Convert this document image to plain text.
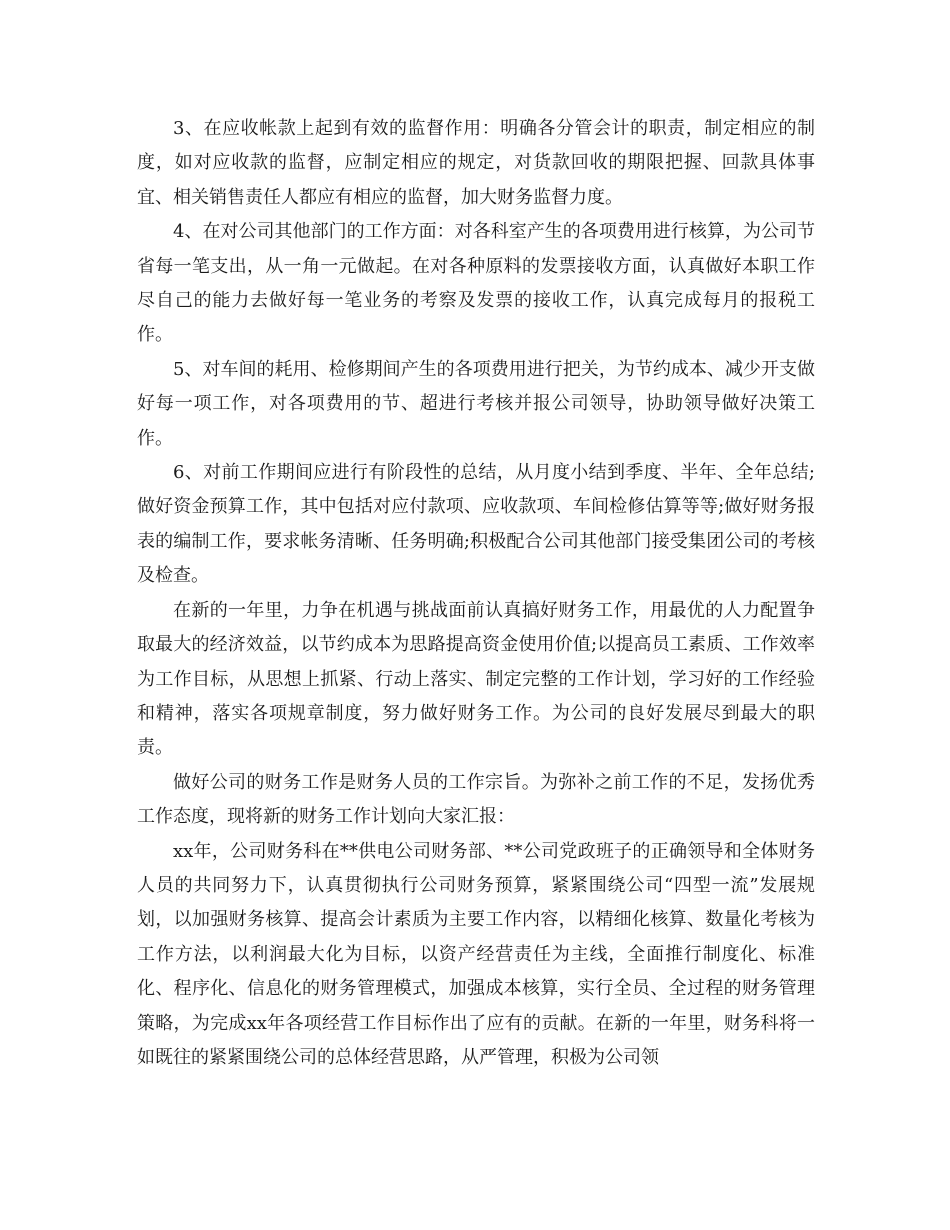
3、在应收帐款上起到有效的监督作用：明确各分管会计的职责，制定相应的制度，如对应收款的监督，应制定相应的规定，对货款回收的期限把握、回款具体事宜、相关销售责任人都应有相应的监督，加大财务监督力度。

4、在对公司其他部门的工作方面：对各科室产生的各项费用进行核算，为公司节省每一笔支出，从一角一元做起。在对各种原料的发票接收方面，认真做好本职工作尽自己的能力去做好每一笔业务的考察及发票的接收工作，认真完成每月的报税工作。

5、对车间的耗用、检修期间产生的各项费用进行把关，为节约成本、减少开支做好每一项工作，对各项费用的节、超进行考核并报公司领导，协助领导做好决策工作。

6、对前工作期间应进行有阶段性的总结，从月度小结到季度、半年、全年总结;做好资金预算工作，其中包括对应付款项、应收款项、车间检修估算等等;做好财务报表的编制工作，要求帐务清晰、任务明确;积极配合公司其他部门接受集团公司的考核及检查。

在新的一年里，力争在机遇与挑战面前认真搞好财务工作，用最优的人力配置争取最大的经济效益，以节约成本为思路提高资金使用价值;以提高员工素质、工作效率为工作目标，从思想上抓紧、行动上落实、制定完整的工作计划，学习好的工作经验和精神，落实各项规章制度，努力做好财务工作。为公司的良好发展尽到最大的职责。

做好公司的财务工作是财务人员的工作宗旨。为弥补之前工作的不足，发扬优秀工作态度，现将新的财务工作计划向大家汇报：

xx年，公司财务科在**供电公司财务部、**公司党政班子的正确领导和全体财务人员的共同努力下，认真贯彻执行公司财务预算，紧紧围绕公司“四型一流”发展规划，以加强财务核算、提高会计素质为主要工作内容，以精细化核算、数量化考核为工作方法，以利润最大化为目标，以资产经营责任为主线，全面推行制度化、标准化、程序化、信息化的财务管理模式，加强成本核算，实行全员、全过程的财务管理策略，为完成xx年各项经营工作目标作出了应有的贡献。在新的一年里，财务科将一如既往的紧紧围绕公司的总体经营思路，从严管理，积极为公司领
